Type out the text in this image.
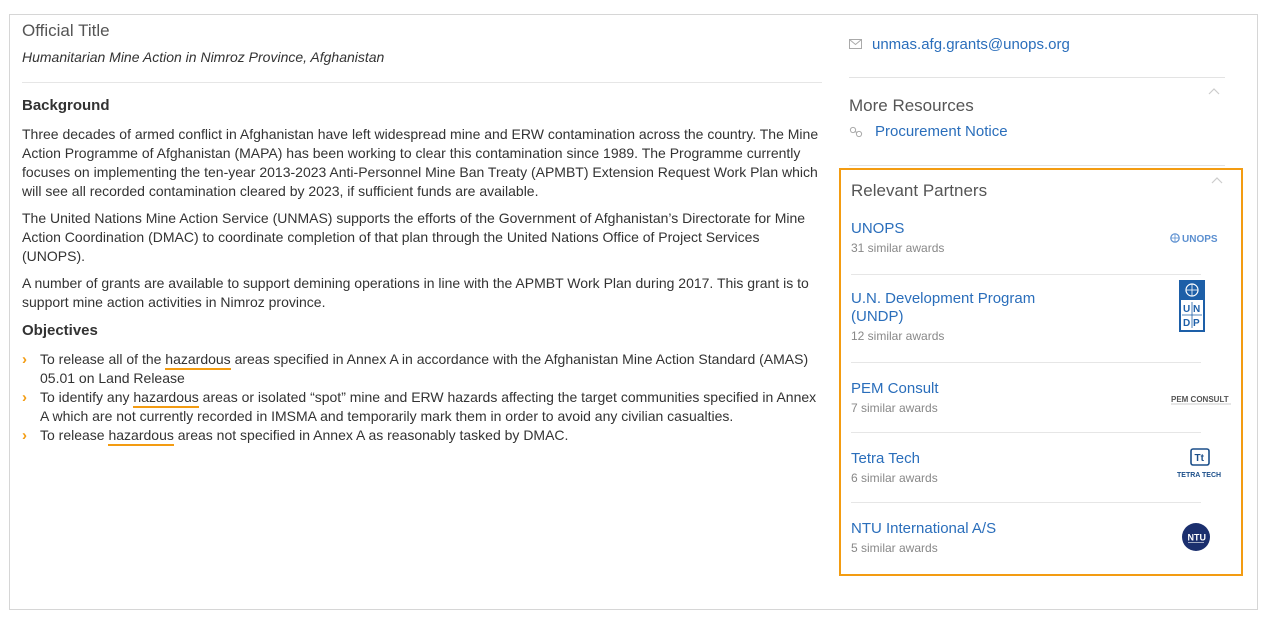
Official Title
Humanitarian Mine Action in Nimroz Province, Afghanistan
Background

Three decades of armed conflict in Afghanistan have left widespread mine and ERW contamination across the country. The Mine Action Programme of Afghanistan (MAPA) has been working to clear this contamination since 1989. The Programme currently focuses on implementing the ten-year 2013-2023 Anti-Personnel Mine Ban Treaty (APMBT) Extension Request Work Plan which will see all recorded contamination cleared by 2023, if sufficient funds are available.

The United Nations Mine Action Service (UNMAS) supports the efforts of the Government of Afghanistan’s Directorate for Mine Action Coordination (DMAC) to coordinate completion of that plan through the United Nations Office of Project Services (UNOPS).

A number of grants are available to support demining operations in line with the APMBT Work Plan during 2017. This grant is to support mine action activities in Nimroz province.

Objectives
› To release all of the hazardous areas specified in Annex A in accordance with the Afghanistan Mine Action Standard (AMAS) 05.01 on Land Release
› To identify any hazardous areas or isolated “spot” mine and ERW hazards affecting the target communities specified in Annex A which are not currently recorded in IMSMA and temporarily mark them in order to avoid any civilian casualties.
› To release hazardous areas not specified in Annex A as reasonably tasked by DMAC.
unmas.afg.grants@unops.org
More Resources
Procurement Notice
Relevant Partners
UNOPS
31 similar awards
UNOPS
U.N. Development Program (UNDP)
12 similar awards
U N
D P
PEM Consult
7 similar awards
PEM CONSULT
Tetra Tech
6 similar awards
Tt
TETRA TECH
NTU International A/S
5 similar awards
NTU
